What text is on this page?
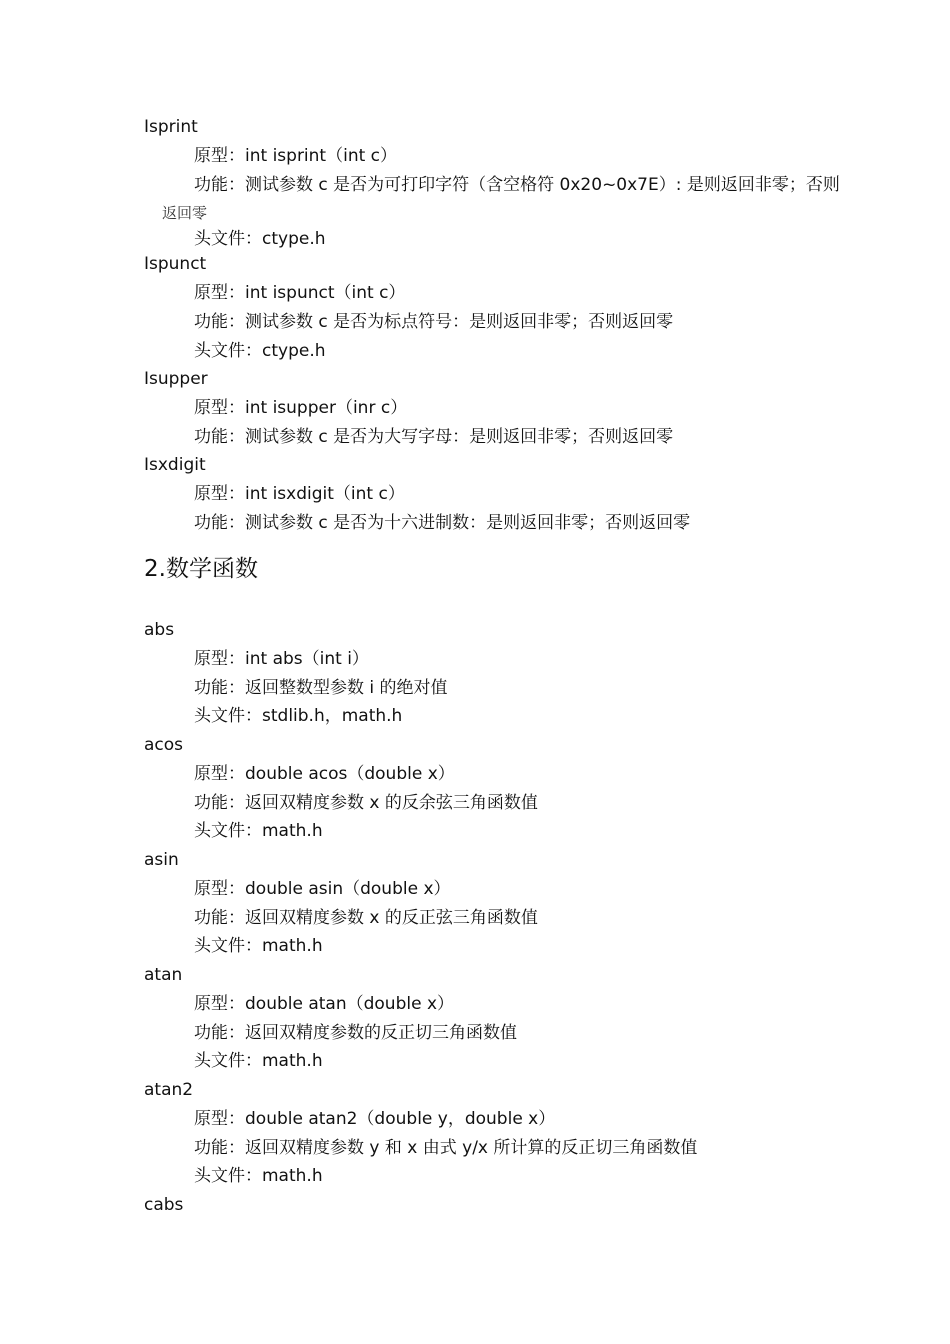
Isprint
原型：int isprint（int c）
功能：测试参数 c 是否为可打印字符（含空格符 0x20~0x7E）: 是则返回非零；否则
返回零
头文件：ctype.h
Ispunct
原型：int ispunct（int c）
功能：测试参数 c 是否为标点符号：是则返回非零；否则返回零
头文件：ctype.h
Isupper
原型：int isupper（inr c）
功能：测试参数 c 是否为大写字母：是则返回非零；否则返回零
Isxdigit
原型：int isxdigit（int c）
功能：测试参数 c 是否为十六进制数：是则返回非零；否则返回零
2.数学函数
abs
原型：int abs（int i）
功能：返回整数型参数 i 的绝对值
头文件：stdlib.h，math.h
acos
原型：double acos（double x）
功能：返回双精度参数 x 的反余弦三角函数值
头文件：math.h
asin
原型：double asin（double x）
功能：返回双精度参数 x 的反正弦三角函数值
头文件：math.h
atan
原型：double atan（double x）
功能：返回双精度参数的反正切三角函数值
头文件：math.h
atan2
原型：double atan2（double y，double x）
功能：返回双精度参数 y 和 x 由式 y/x 所计算的反正切三角函数值
头文件：math.h
cabs
